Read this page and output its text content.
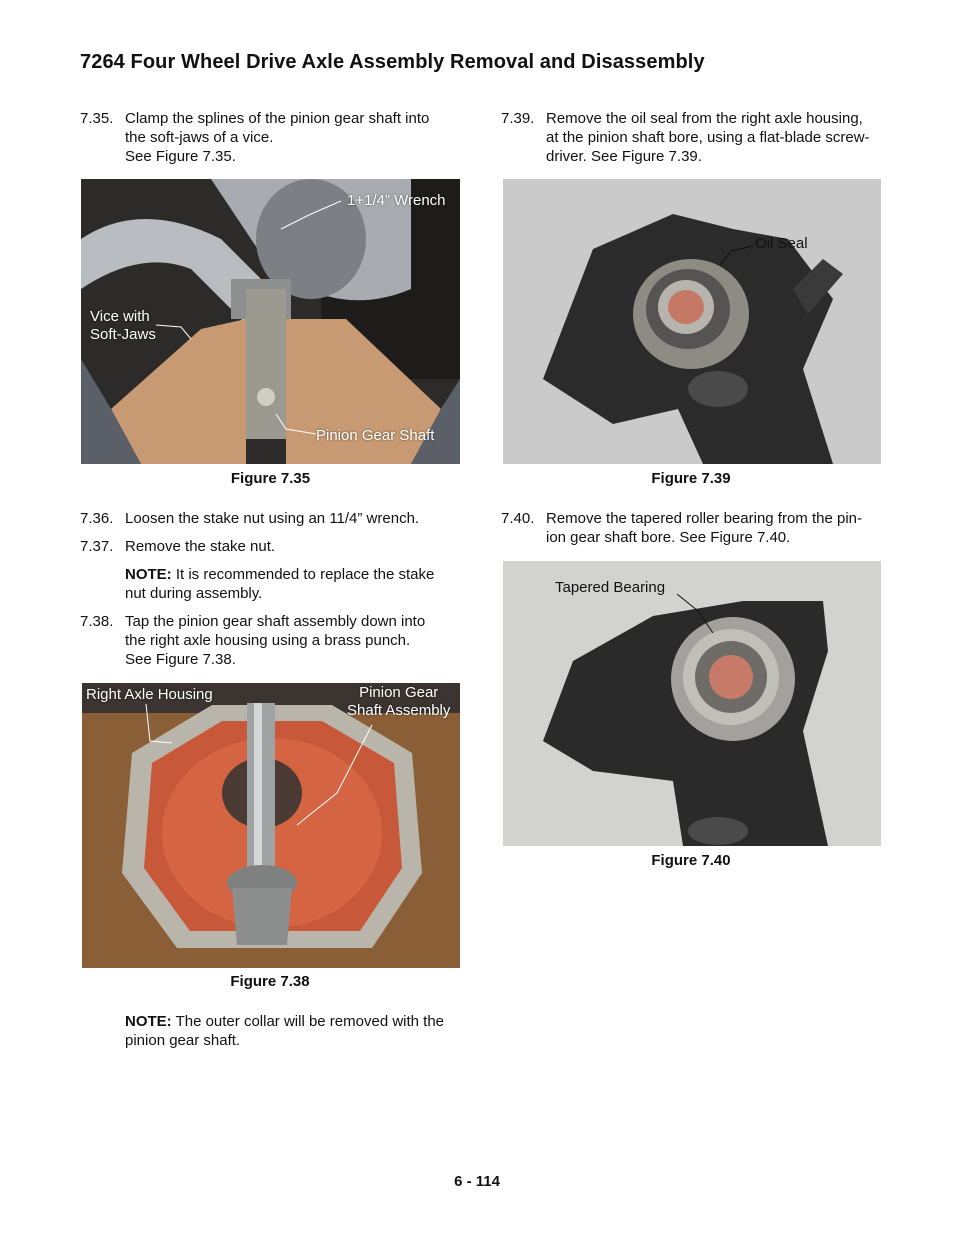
7264 Four Wheel Drive Axle Assembly Removal and Disassembly
7.35. Clamp the splines of the pinion gear shaft into
the soft-jaws of a vice.
See Figure 7.35.
1+1/4” Wrench
Vice with
Soft-Jaws
Pinion Gear Shaft
Figure 7.35
7.36. Loosen the stake nut using an 11/4” wrench.
7.37. Remove the stake nut.
NOTE: It is recommended to replace the stake
nut during assembly.
7.38. Tap the pinion gear shaft assembly down into
the right axle housing using a brass punch.
See Figure 7.38.
Right Axle Housing	Pinion Gear
Shaft Assembly
Figure 7.38
NOTE: The outer collar will be removed with the
pinion gear shaft.
7.39. Remove the oil seal from the right axle housing,
at the pinion shaft bore, using a flat-blade screw-
driver. See Figure 7.39.
Oil Seal
Figure 7.39
7.40. Remove the tapered roller bearing from the pin-
ion gear shaft bore. See Figure 7.40.
Tapered Bearing
Figure 7.40
6 - 114
